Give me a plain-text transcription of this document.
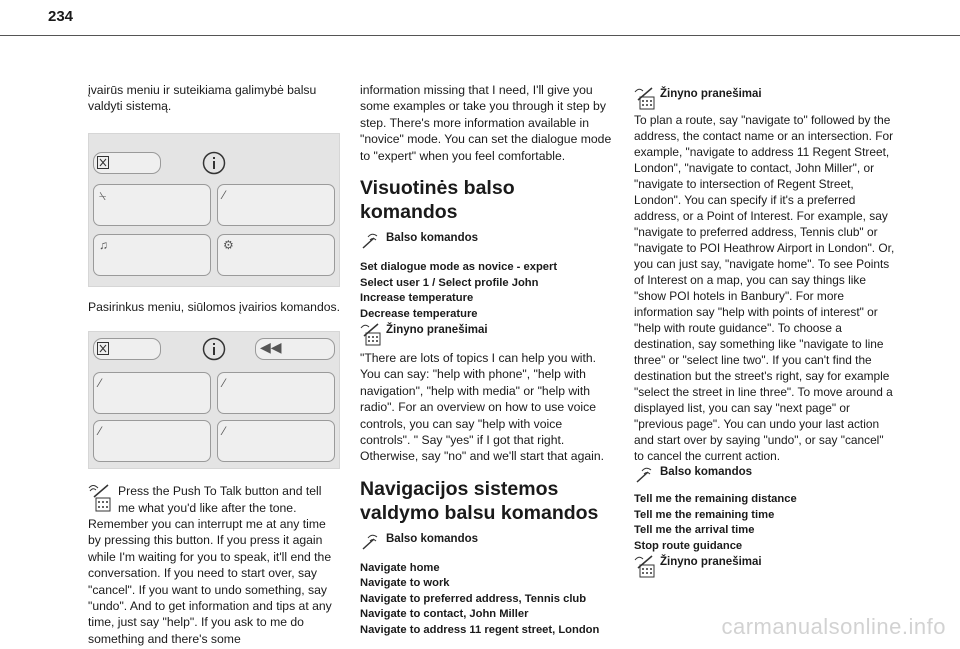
234

įvairūs meniu ir suteikiama galimybė balsu valdyti sistemą.

⍀	⁄
♫	⚙

Pasirinkus meniu, siūlomos įvairios komandos.

◀◀
⁄	⁄
⁄	⁄

Press the Push To Talk button and tell me what you'd like after the tone. Remember you can interrupt me at any time by pressing this button. If you press it again while I'm waiting for you to speak, it'll end the conversation. If you need to start over, say "cancel". If you want to undo something, say "undo". And to get information and tips at any time, just say "help". If you ask to me do something and there's some

information missing that I need, I'll give you some examples or take you through it step by step. There's more information available in "novice" mode. You can set the dialogue mode to "expert" when you feel comfortable.

Visuotinės balso komandos
Balso komandos

Set dialogue mode as novice - expert

Select user 1 / Select profile John

Increase temperature

Decrease temperature

Žinyno pranešimai

"There are lots of topics I can help you with. You can say: "help with phone", "help with navigation", "help with media" or "help with radio". For an overview on how to use voice controls, you can say "help with voice controls". " Say "yes" if I got that right. Otherwise, say "no" and we'll start that again.

Navigacijos sistemos
valdymo balsu komandos
Balso komandos

Navigate home

Navigate to work

Navigate to preferred address, Tennis club

Navigate to contact, John Miller

Navigate to address 11 regent street, London

Žinyno pranešimai

To plan a route, say "navigate to" followed by the address, the contact name or an intersection. For example, "navigate to address 11 Regent Street, London", "navigate to contact, John Miller", or "navigate to intersection of Regent Street, London". You can specify if it's a preferred address, or a Point of Interest. For example, say "navigate to preferred address, Tennis club" or "navigate to POI Heathrow Airport in London". Or, you can just say, "navigate home". To see Points of Interest on a map, you can say things like "show POI hotels in Banbury". For more information say "help with points of interest" or "help with route guidance". To choose a destination, say something like "navigate to line three" or "select line two". If you can't find the destination but the street's right, say for example "select the street in line three". To move around a displayed list, you can say "next page" or "previous page". You can undo your last action and start over by saying "undo", or say "cancel" to cancel the current action.

Balso komandos

Tell me the remaining distance

Tell me the remaining time

Tell me the arrival time

Stop route guidance

Žinyno pranešimai
carmanualsonline.info
